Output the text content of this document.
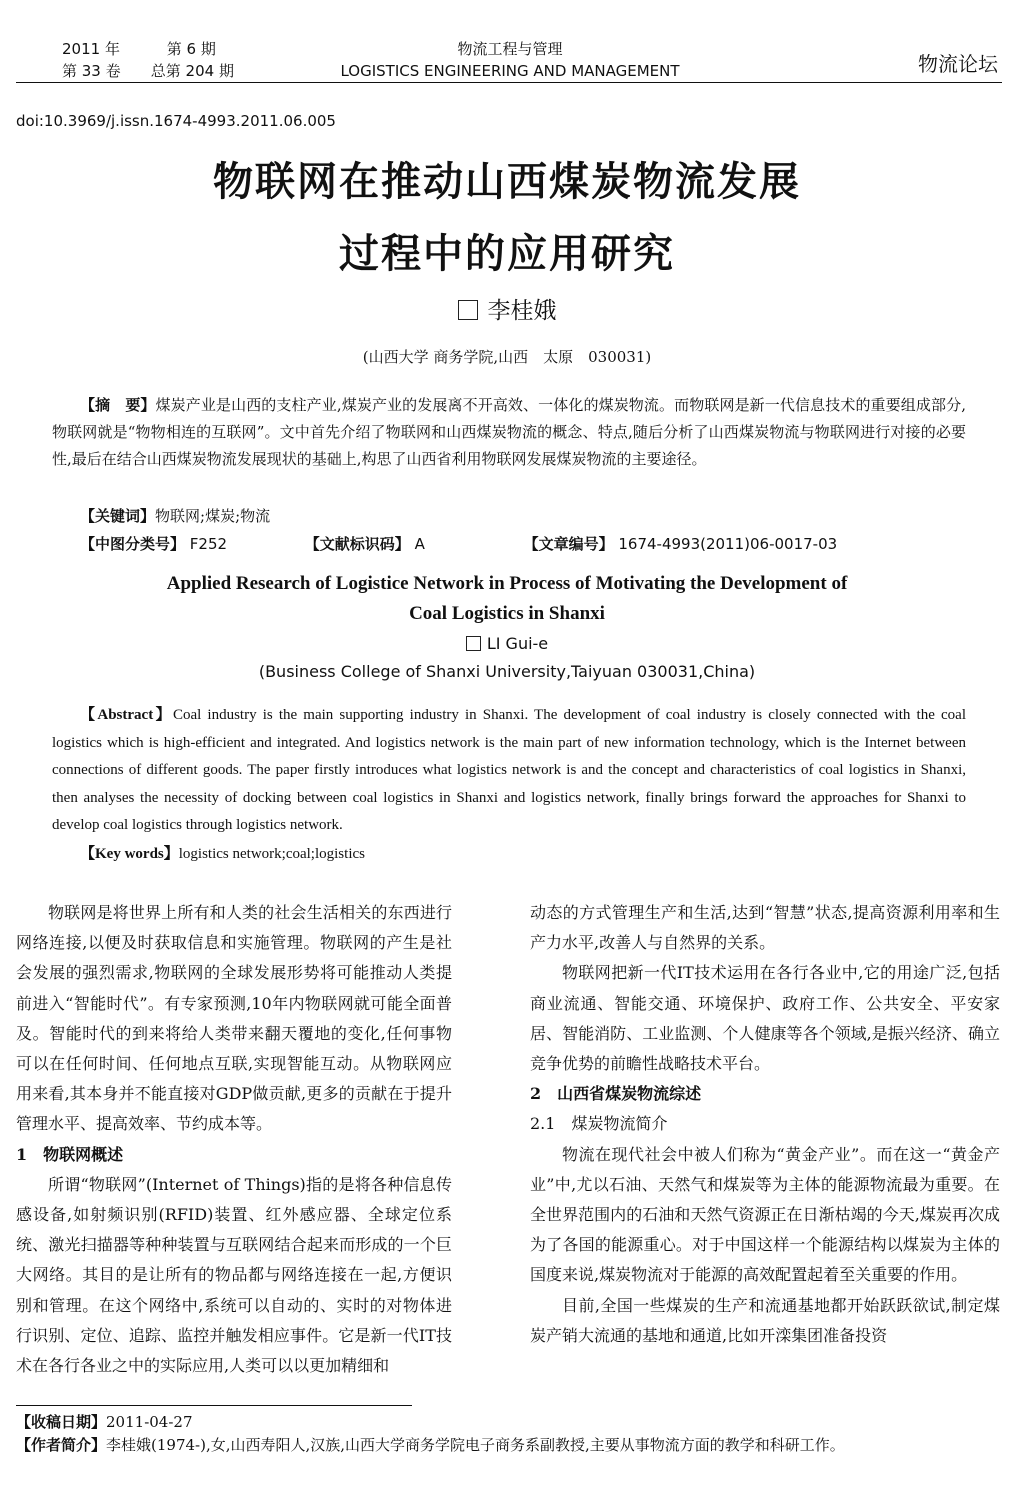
2011 年	第 6 期
第 33 卷 总第 204 期
物流工程与管理
LOGISTICS ENGINEERING AND MANAGEMENT	物流论坛
doi:10.3969/j.issn.1674-4993.2011.06.005
物联网在推动山西煤炭物流发展
过程中的应用研究
李桂娥
(山西大学 商务学院,山西　太原　030031)
【摘　要】煤炭产业是山西的支柱产业,煤炭产业的发展离不开高效、一体化的煤炭物流。而物联网是新一代信息技术的重要组成部分,物联网就是“物物相连的互联网”。文中首先介绍了物联网和山西煤炭物流的概念、特点,随后分析了山西煤炭物流与物联网进行对接的必要性,最后在结合山西煤炭物流发展现状的基础上,构思了山西省利用物联网发展煤炭物流的主要途径。
【关键词】物联网;煤炭;物流
【中图分类号】 F252	【文献标识码】 A	【文章编号】 1674-4993(2011)06-0017-03
Applied Research of Logistice Network in Process of Motivating the Development of
Coal Logistics in Shanxi
LI Gui-e
(Business College of Shanxi University,Taiyuan 030031,China)
【Abstract】Coal industry is the main supporting industry in Shanxi. The development of coal industry is closely connected with the coal logistics which is high-efficient and integrated. And logistics network is the main part of new information technology, which is the Internet between connections of different goods. The paper firstly introduces what logistics network is and the concept and characteristics of coal logistics in Shanxi, then analyses the necessity of docking between coal logistics in Shanxi and logistics network, finally brings forward the approaches for Shanxi to develop coal logistics through logistics network.
【Key words】logistics network;coal;logistics

物联网是将世界上所有和人类的社会生活相关的东西进行网络连接,以便及时获取信息和实施管理。物联网的产生是社会发展的强烈需求,物联网的全球发展形势将可能推动人类提前进入“智能时代”。有专家预测,10年内物联网就可能全面普及。智能时代的到来将给人类带来翻天覆地的变化,任何事物可以在任何时间、任何地点互联,实现智能互动。从物联网应用来看,其本身并不能直接对GDP做贡献,更多的贡献在于提升管理水平、提高效率、节约成本等。

1　物联网概述

所谓“物联网”(Internet of Things)指的是将各种信息传感设备,如射频识别(RFID)装置、红外感应器、全球定位系统、激光扫描器等种种装置与互联网结合起来而形成的一个巨大网络。其目的是让所有的物品都与网络连接在一起,方便识别和管理。在这个网络中,系统可以自动的、实时的对物体进行识别、定位、追踪、监控并触发相应事件。它是新一代IT技术在各行各业之中的实际应用,人类可以以更加精细和

动态的方式管理生产和生活,达到“智慧”状态,提高资源利用率和生产力水平,改善人与自然界的关系。

物联网把新一代IT技术运用在各行各业中,它的用途广泛,包括商业流通、智能交通、环境保护、政府工作、公共安全、平安家居、智能消防、工业监测、个人健康等各个领域,是振兴经济、确立竞争优势的前瞻性战略技术平台。

2　山西省煤炭物流综述

2.1　煤炭物流简介

物流在现代社会中被人们称为“黄金产业”。而在这一“黄金产业”中,尤以石油、天然气和煤炭等为主体的能源物流最为重要。在全世界范围内的石油和天然气资源正在日渐枯竭的今天,煤炭再次成为了各国的能源重心。对于中国这样一个能源结构以煤炭为主体的国度来说,煤炭物流对于能源的高效配置起着至关重要的作用。

目前,全国一些煤炭的生产和流通基地都开始跃跃欲试,制定煤炭产销大流通的基地和通道,比如开滦集团准备投资

【收稿日期】2011-04-27
【作者简介】李桂娥(1974-),女,山西寿阳人,汉族,山西大学商务学院电子商务系副教授,主要从事物流方面的教学和科研工作。
